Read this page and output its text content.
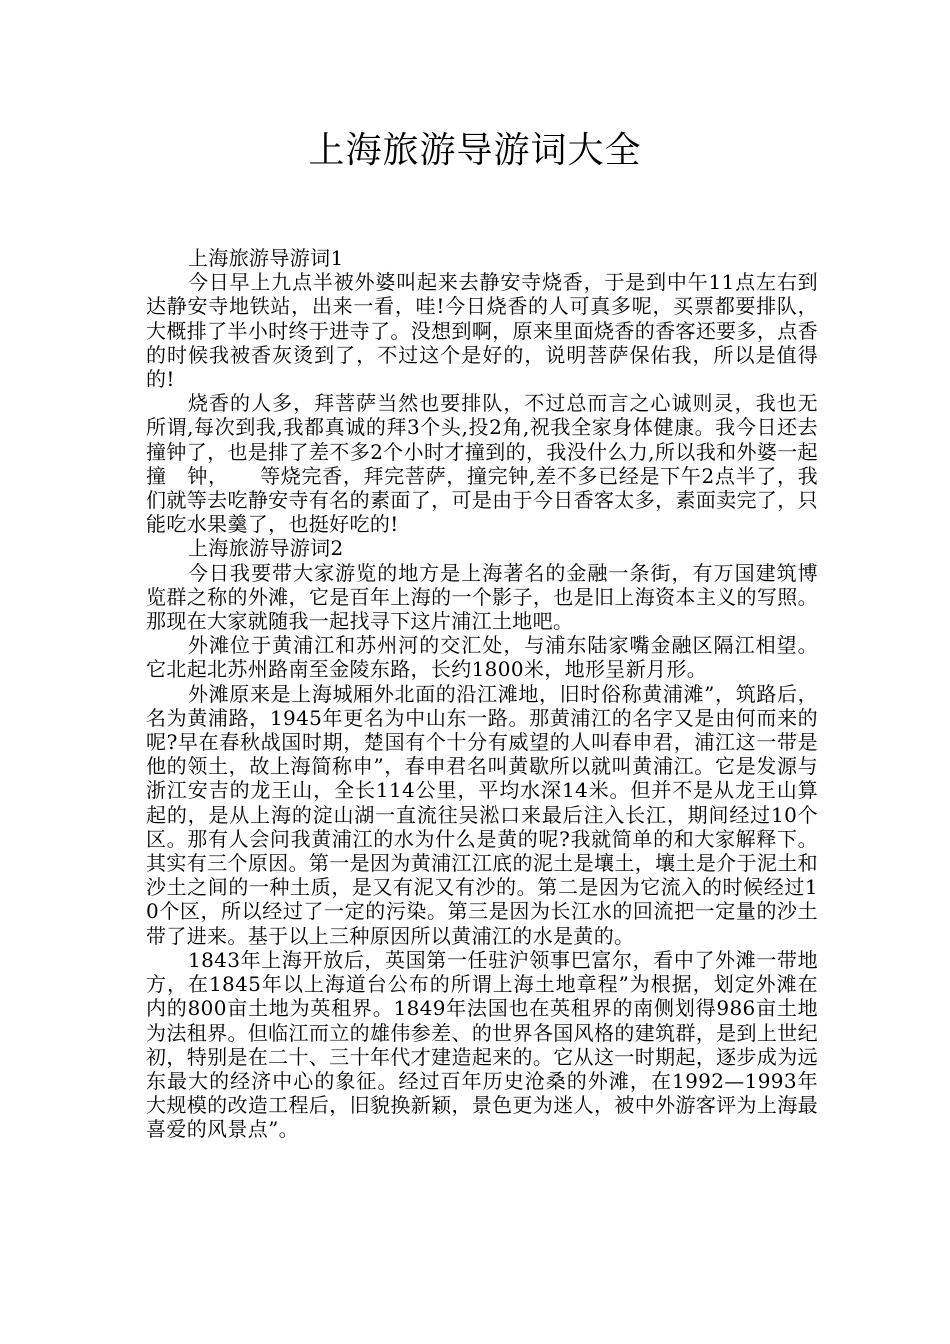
上海旅游导游词大全

上海旅游导游词1

今日早上九点半被外婆叫起来去静安寺烧香，于是到中午11点左右到达静安寺地铁站，出来一看，哇!今日烧香的人可真多呢，买票都要排队，大概排了半小时终于进寺了。没想到啊，原来里面烧香的香客还要多，点香的时候我被香灰烫到了，不过这个是好的，说明菩萨保佑我，所以是值得的!

烧香的人多，拜菩萨当然也要排队，不过总而言之心诚则灵，我也无所谓,每次到我,我都真诚的拜3个头,投2角,祝我全家身体健康。我今日还去撞钟了，也是排了差不多2个小时才撞到的，我没什么力,所以我和外婆一起撞　钟，　　等烧完香，拜完菩萨，撞完钟,差不多已经是下午2点半了，我们就等去吃静安寺有名的素面了，可是由于今日香客太多，素面卖完了，只能吃水果羹了，也挺好吃的!

上海旅游导游词2

今日我要带大家游览的地方是上海著名的金融一条街，有万国建筑博览群之称的外滩，它是百年上海的一个影子，也是旧上海资本主义的写照。那现在大家就随我一起找寻下这片浦江土地吧。

外滩位于黄浦江和苏州河的交汇处，与浦东陆家嘴金融区隔江相望。它北起北苏州路南至金陵东路，长约1800米，地形呈新月形。

外滩原来是上海城厢外北面的沿江滩地，旧时俗称黄浦滩”，筑路后，名为黄浦路，1945年更名为中山东一路。那黄浦江的名字又是由何而来的呢?早在春秋战国时期，楚国有个十分有威望的人叫春申君，浦江这一带是他的领土，故上海简称申”，春申君名叫黄歇所以就叫黄浦江。它是发源与浙江安吉的龙王山，全长114公里，平均水深14米。但并不是从龙王山算起的，是从上海的淀山湖一直流往吴淞口来最后注入长江，期间经过10个区。那有人会问我黄浦江的水为什么是黄的呢?我就简单的和大家解释下。其实有三个原因。第一是因为黄浦江江底的泥土是壤土，壤土是介于泥土和沙土之间的一种土质，是又有泥又有沙的。第二是因为它流入的时候经过10个区，所以经过了一定的污染。第三是因为长江水的回流把一定量的沙土带了进来。基于以上三种原因所以黄浦江的水是黄的。

1843年上海开放后，英国第一任驻沪领事巴富尔，看中了外滩一带地方，在1845年以上海道台公布的所谓上海土地章程”为根据，划定外滩在内的800亩土地为英租界。1849年法国也在英租界的南侧划得986亩土地为法租界。但临江而立的雄伟参差、的世界各国风格的建筑群，是到上世纪初，特别是在二十、三十年代才建造起来的。它从这一时期起，逐步成为远东最大的经济中心的象征。经过百年历史沧桑的外滩，在1992—1993年大规模的改造工程后，旧貌换新颖，景色更为迷人，被中外游客评为上海最喜爱的风景点”。
